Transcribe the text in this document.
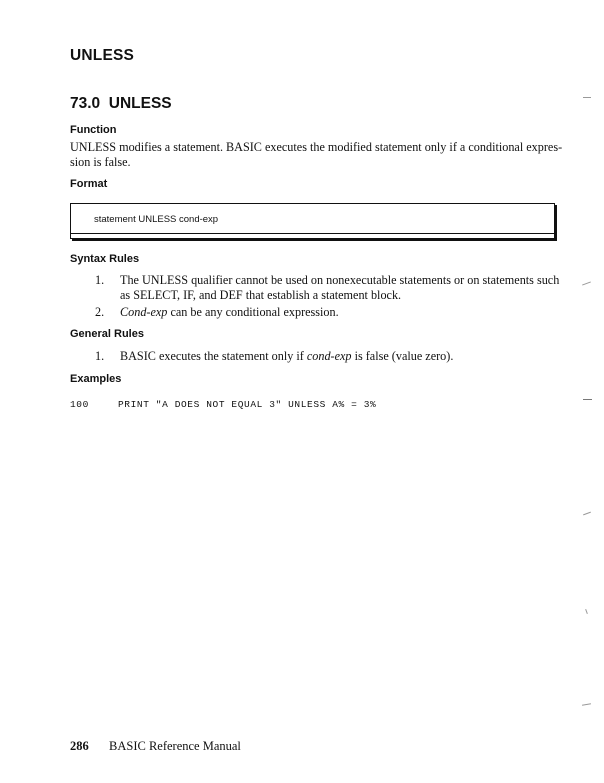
UNLESS
73.0  UNLESS
Function
UNLESS modifies a statement. BASIC executes the modified statement only if a conditional expres-
sion is false.
Format
statement UNLESS cond-exp
Syntax Rules
1.	The UNLESS qualifier cannot be used on nonexecutable statements or on statements such
as SELECT, IF, and DEF that establish a statement block.
2.	Cond-exp can be any conditional expression.
General Rules
1.	BASIC executes the statement only if cond-exp is false (value zero).
Examples
100	PRINT "A DOES NOT EQUAL 3" UNLESS A% = 3%
286 BASIC Reference Manual
